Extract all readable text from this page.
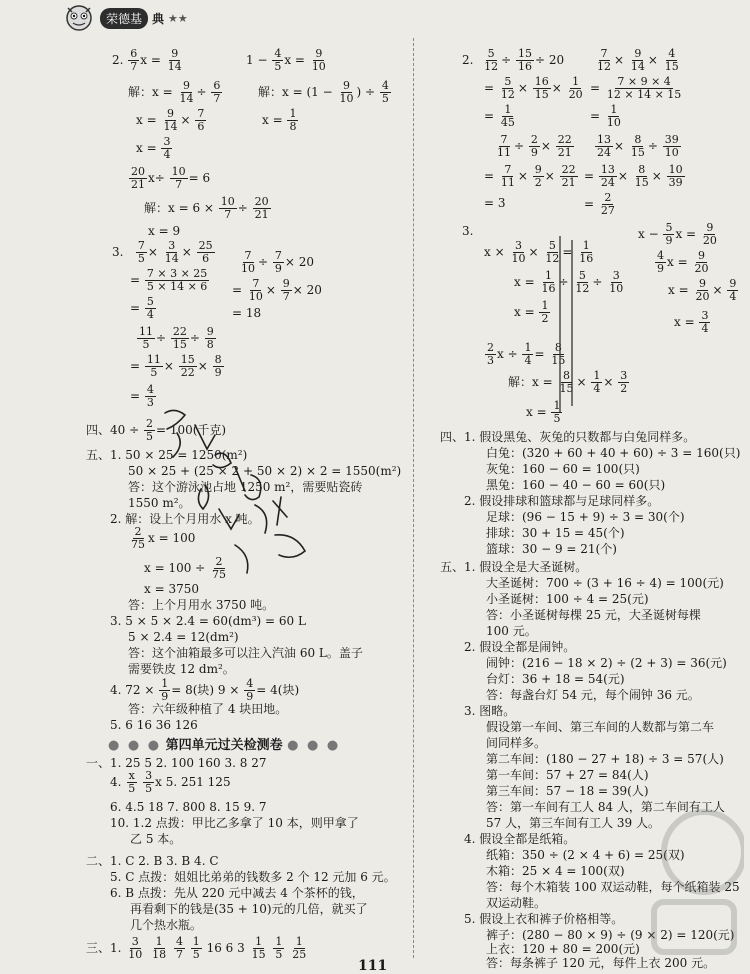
荣德基 典 ★★
2. $\frac{6}{7}$ $x = \frac{9}{14}$	$1 - \frac{4}{5}$ $x = \frac{9}{10}$
解：$x = \frac{9}{14} \div \frac{6}{7}$	解：$x = (1 - \frac{9}{10}$ ) ÷ $\frac{4}{5}$
$x = \frac{9}{14} \times \frac{7}{6}$	$x = \frac{1}{8}$
$x = \frac{3}{4}$
$\frac{20}{21} x\div \frac{10}{7} = 6$
解：$x = 6 \times \frac{10}{7} \div \frac{20}{21}$
x = 9
3. $\frac{7}{5} \times \frac{3}{14} \times \frac{25}{6} \frac{7}{10} \div \frac{7}{9} \times 20$
= $\frac{7 \times 3 \times 25}{5 \times 14 \times 6} = \frac{7}{10} \times \frac{9}{7} \times 20$
= $\frac{5}{4}$	= 18
$\frac{11}{5} \div \frac{22}{15} \div \frac{9}{8}$
= $\frac{11}{5} \times \frac{15}{22} \times \frac{8}{9}$
= $\frac{4}{3}$
四、$40 \div \frac{2}{5} = 100$(千克)
五、1. 50 × 25 = 1250(m²)
50 × 25 + (25 × 2 + 50 × 2) × 2 = 1550(m²)
答：这个游泳池占地 1250 m²，需要贴瓷砖
1550 m²。
2. 解：设上个月用水 x 吨。
$\frac{2}{75}$ x = 100
$x = 100 \div \frac{2}{75}$
x = 3750
答：上个月用水 3750 吨。
3. 5 × 5 × 2.4 = 60(dm³) = 60 L
5 × 2.4 = 12(dm²)
答：这个油箱最多可以注入汽油 60 L。盖子
需要铁皮 12 dm²。
4. $72 \times \frac{1}{9} = 8$(块) $9 \times \frac{4}{9} = 4$(块)
答：六年级种植了 4 块田地。
5. 6 16 36 126
● ● ● 第四单元过关检测卷 ● ● ●
一、1. 25 5 2. 100 160 3. 8 27
4. $\frac{x}{5}$
$\frac{3}{5}$ x 5. 251 125
6. 4.5 18 7. 800 8. 15 9. 7
10. 1.2 点拨：甲比乙多拿了 10 本，则甲拿了
乙 5 本。
二、1. C 2. B 3. B 4. C
5. C 点拨：姐姐比弟弟的钱数多 2 个 12 元加 6 元。
6. B 点拨：先从 220 元中减去 4 个茶杯的钱，
再看剩下的钱是(35 + 10)元的几倍，就买了
几个热水瓶。
三、1. $\frac{3}{10}$
$\frac{1}{18}$
$\frac{4}{7}$
$\frac{1}{5} 16$ 6 $3 \frac{1}{15}$
$\frac{1}{5}$
$\frac{1}{25}$
2. $\frac{5}{12} \div \frac{15}{16} \div 20$	$\frac{7}{12} \times \frac{9}{14} \times \frac{4}{15}$
= $\frac{5}{12} \times \frac{16}{15} \times \frac{1}{20} = \frac{7 \times 9 \times 4}{12 \times 14 \times 15}$
= $\frac{1}{45}$	= $\frac{1}{10}$
$\frac{7}{11} \div \frac{2}{9} \times \frac{22}{21} \frac{13}{24} \times \frac{8}{15} \div \frac{39}{10}$
= $\frac{7}{11} \times \frac{9}{2} \times \frac{22}{21} = \frac{13}{24} \times \frac{8}{15} \times \frac{10}{39}$
= 3	= $\frac{2}{27}$
3.	$x - \frac{5}{9}$ $x = \frac{9}{20}$
$x \times \frac{3}{10} \times \frac{5}{12} = \frac{1}{16}$	$\frac{4}{9}$ $x = \frac{9}{20}$
$x = \frac{1}{16} \div \frac{5}{12} \div \frac{3}{10}$	$x = \frac{9}{20} \times \frac{9}{4}$
$x = \frac{1}{2}$	$x = \frac{3}{4}$
$\frac{2}{3}$ $x \div \frac{1}{4} = \frac{8}{15}$
解：$x = \frac{8}{15} \times \frac{1}{4} \times \frac{3}{2}$
$x = \frac{1}{5}$
四、1. 假设黑兔、灰兔的只数都与白兔同样多。
白兔：(320 + 60 + 40 + 60) ÷ 3 = 160(只)
灰兔：160 − 60 = 100(只)
黑兔：160 − 40 − 60 = 60(只)
2. 假设排球和篮球都与足球同样多。
足球：(96 − 15 + 9) ÷ 3 = 30(个)
排球：30 + 15 = 45(个)
篮球：30 − 9 = 21(个)
五、1. 假设全是大圣诞树。
大圣诞树：700 ÷ (3 + 16 ÷ 4) = 100(元)
小圣诞树：100 ÷ 4 = 25(元)
答：小圣诞树每棵 25 元，大圣诞树每棵
100 元。
2. 假设全都是闹钟。
闹钟：(216 − 18 × 2) ÷ (2 + 3) = 36(元)
台灯：36 + 18 = 54(元)
答：每盏台灯 54 元，每个闹钟 36 元。
3. 图略。
假设第一车间、第三车间的人数都与第二车
间同样多。
第二车间：(180 − 27 + 18) ÷ 3 = 57(人)
第一车间：57 + 27 = 84(人)
第三车间：57 − 18 = 39(人)
答：第一车间有工人 84 人，第二车间有工人
57 人，第三车间有工人 39 人。
4. 假设全都是纸箱。
纸箱：350 ÷ (2 × 4 + 6) = 25(双)
木箱：25 × 4 = 100(双)
答：每个木箱装 100 双运动鞋，每个纸箱装 25
双运动鞋。
5. 假设上衣和裤子价格相等。
裤子：(280 − 80 × 9) ÷ (9 × 2) = 120(元)
上衣：120 + 80 = 200(元)
答：每条裤子 120 元，每件上衣 200 元。
111
